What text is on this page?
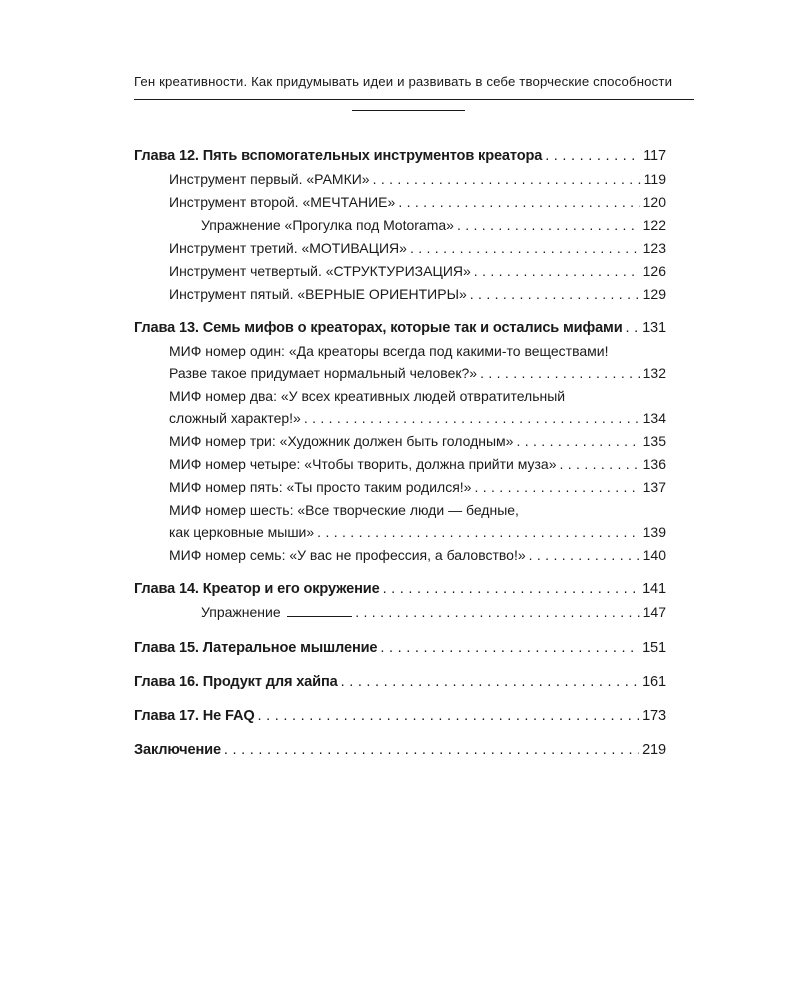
Ген креативности. Как придумывать идеи и развивать в себе творческие способности
Глава 12. Пять вспомогательных инструментов креатора . . .	117
Инструмент первый. «РАМКИ» . . .	119
Инструмент второй. «МЕЧТАНИЕ» . . .	120
Упражнение «Прогулка под Motorama» . . .	122
Инструмент третий. «МОТИВАЦИЯ» . . .	123
Инструмент четвертый. «СТРУКТУРИЗАЦИЯ» . . .	126
Инструмент пятый. «ВЕРНЫЕ ОРИЕНТИРЫ» . . .	129
Глава 13. Семь мифов о креаторах, которые так и остались мифами . . . 131
МИФ номер один: «Да креаторы всегда под какими-то веществами!
Разве такое придумает нормальный человек?» . . .	132
МИФ номер два: «У всех креативных людей отвратительный
сложный характер!» . . .	134
МИФ номер три: «Художник должен быть голодным» . . .	135
МИФ номер четыре: «Чтобы творить, должна прийти муза» . . .	136
МИФ номер пять: «Ты просто таким родился!» . . .	137
МИФ номер шесть: «Все творческие люди — бедные,
как церковные мыши» . . .	139
МИФ номер семь: «У вас не профессия, а баловство!» . . .	140
Глава 14. Креатор и его окружение . . .	141
Упражнение . . .	147
Глава 15. Латеральное мышление . . .	151
Глава 16. Продукт для хайпа . . .	161
Глава 17. Не FAQ . . .	173
Заключение . . .	219
